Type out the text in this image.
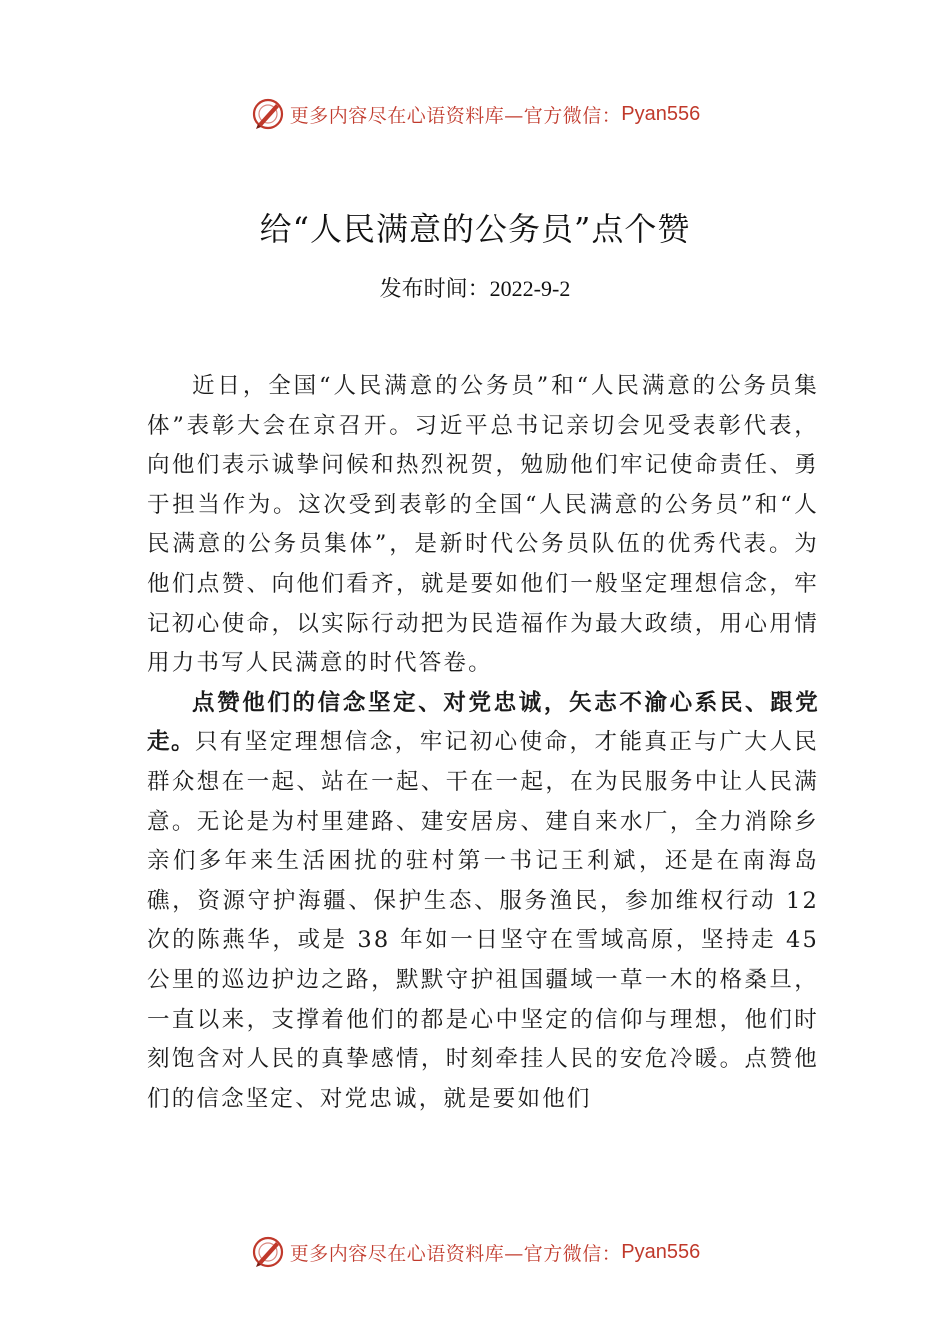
更多内容尽在心语资料库—官方微信： Pyan556
给“人民满意的公务员”点个赞
发布时间：2022-9-2

近日，全国“人民满意的公务员”和“人民满意的公务员集体”表彰大会在京召开。习近平总书记亲切会见受表彰代表，向他们表示诚挚问候和热烈祝贺，勉励他们牢记使命责任、勇于担当作为。这次受到表彰的全国“人民满意的公务员”和“人民满意的公务员集体”，是新时代公务员队伍的优秀代表。为他们点赞、向他们看齐，就是要如他们一般坚定理想信念，牢记初心使命，以实际行动把为民造福作为最大政绩，用心用情用力书写人民满意的时代答卷。

点赞他们的信念坚定、对党忠诚，矢志不渝心系民、跟党走。只有坚定理想信念，牢记初心使命，才能真正与广大人民群众想在一起、站在一起、干在一起，在为民服务中让人民满意。无论是为村里建路、建安居房、建自来水厂，全力消除乡亲们多年来生活困扰的驻村第一书记王利斌，还是在南海岛礁，资源守护海疆、保护生态、服务渔民，参加维权行动 12 次的陈燕华，或是 38 年如一日坚守在雪域高原，坚持走 45 公里的巡边护边之路，默默守护祖国疆域一草一木的格桑旦，一直以来，支撑着他们的都是心中坚定的信仰与理想，他们时刻饱含对人民的真挚感情，时刻牵挂人民的安危冷暖。点赞他们的信念坚定、对党忠诚，就是要如他们

更多内容尽在心语资料库—官方微信： Pyan556
